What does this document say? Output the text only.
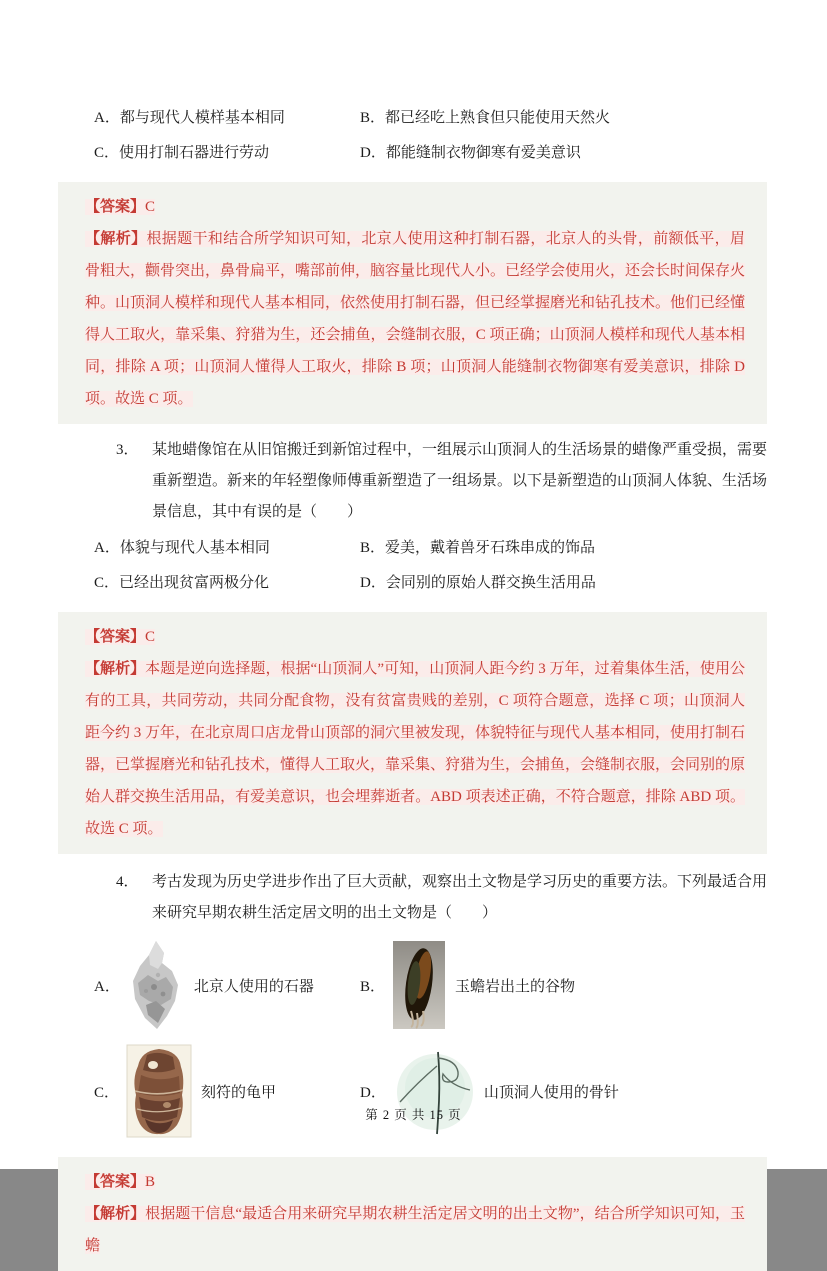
A．都与现代人模样基本相同	B．都已经吃上熟食但只能使用天然火
C．使用打制石器进行劳动	D．都能缝制衣物御寒有爱美意识
【答案】C

【解析】根据题干和结合所学知识可知，北京人使用这种打制石器，北京人的头骨，前额低平，眉骨粗大，颧骨突出，鼻骨扁平，嘴部前伸，脑容量比现代人小。已经学会使用火，还会长时间保存火种。山顶洞人模样和现代人基本相同，依然使用打制石器，但已经掌握磨光和钻孔技术。他们已经懂得人工取火，靠采集、狩猎为生，还会捕鱼，会缝制衣服，C 项正确；山顶洞人模样和现代人基本相同，排除 A 项；山顶洞人懂得人工取火，排除 B 项；山顶洞人能缝制衣物御寒有爱美意识，排除 D 项。故选 C 项。

3． 某地蜡像馆在从旧馆搬迁到新馆过程中，一组展示山顶洞人的生活场景的蜡像严重受损，需要重新塑造。新来的年轻塑像师傅重新塑造了一组场景。以下是新塑造的山顶洞人体貌、生活场景信息，其中有误的是（　　）

A．体貌与现代人基本相同	B．爱美，戴着兽牙石珠串成的饰品
C．已经出现贫富两极分化	D．会同别的原始人群交换生活用品
【答案】C

【解析】本题是逆向选择题，根据“山顶洞人”可知，山顶洞人距今约 3 万年，过着集体生活，使用公有的工具，共同劳动，共同分配食物，没有贫富贵贱的差别，C 项符合题意，选择 C 项；山顶洞人距今约 3 万年，在北京周口店龙骨山顶部的洞穴里被发现，体貌特征与现代人基本相同，使用打制石器，已掌握磨光和钻孔技术，懂得人工取火，靠采集、狩猎为生，会捕鱼，会缝制衣服，会同别的原始人群交换生活用品，有爱美意识，也会埋葬逝者。ABD 项表述正确，不符合题意，排除 ABD 项。故选 C 项。

4． 考古发现为历史学进步作出了巨大贡献，观察出土文物是学习历史的重要方法。下列最适合用来研究早期农耕生活定居文明的出土文物是（　　）

A．	北京人使用的石器	B．	玉蟾岩出土的谷物
C．	刻符的龟甲	D．	山顶洞人使用的骨针
【答案】B

【解析】根据题干信息“最适合用来研究早期农耕生活定居文明的出土文物”，结合所学知识可知，玉蟾

第 2 页 共 15 页
